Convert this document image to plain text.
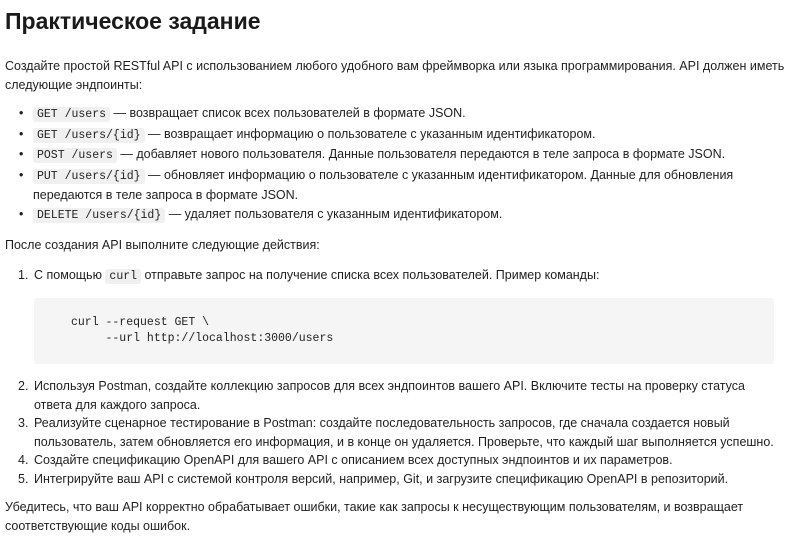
Практическое задание

Создайте простой RESTful API с использованием любого удобного вам фреймворка или языка программирования. API должен иметь следующие эндпоинты:

• GET /users — возвращает список всех пользователей в формате JSON.
• GET /users/{id} — возвращает информацию о пользователе с указанным идентификатором.
• POST /users — добавляет нового пользователя. Данные пользователя передаются в теле запроса в формате JSON.
• PUT /users/{id} — обновляет информацию о пользователе с указанным идентификатором. Данные для обновления передаются в теле запроса в формате JSON.
• DELETE /users/{id} — удаляет пользователя с указанным идентификатором.

После создания API выполните следующие действия:

1. С помощью curl отправьте запрос на получение списка всех пользователей. Пример команды:
curl --request GET \
--url http://localhost:3000/users
2. Используя Postman, создайте коллекцию запросов для всех эндпоинтов вашего API. Включите тесты на проверку статуса ответа для каждого запроса.
3. Реализуйте сценарное тестирование в Postman: создайте последовательность запросов, где сначала создается новый пользователь, затем обновляется его информация, и в конце он удаляется. Проверьте, что каждый шаг выполняется успешно.
4. Создайте спецификацию OpenAPI для вашего API с описанием всех доступных эндпоинтов и их параметров.
5. Интегрируйте ваш API с системой контроля версий, например, Git, и загрузите спецификацию OpenAPI в репозиторий.

Убедитесь, что ваш API корректно обрабатывает ошибки, такие как запросы к несуществующим пользователям, и возвращает соответствующие коды ошибок.
